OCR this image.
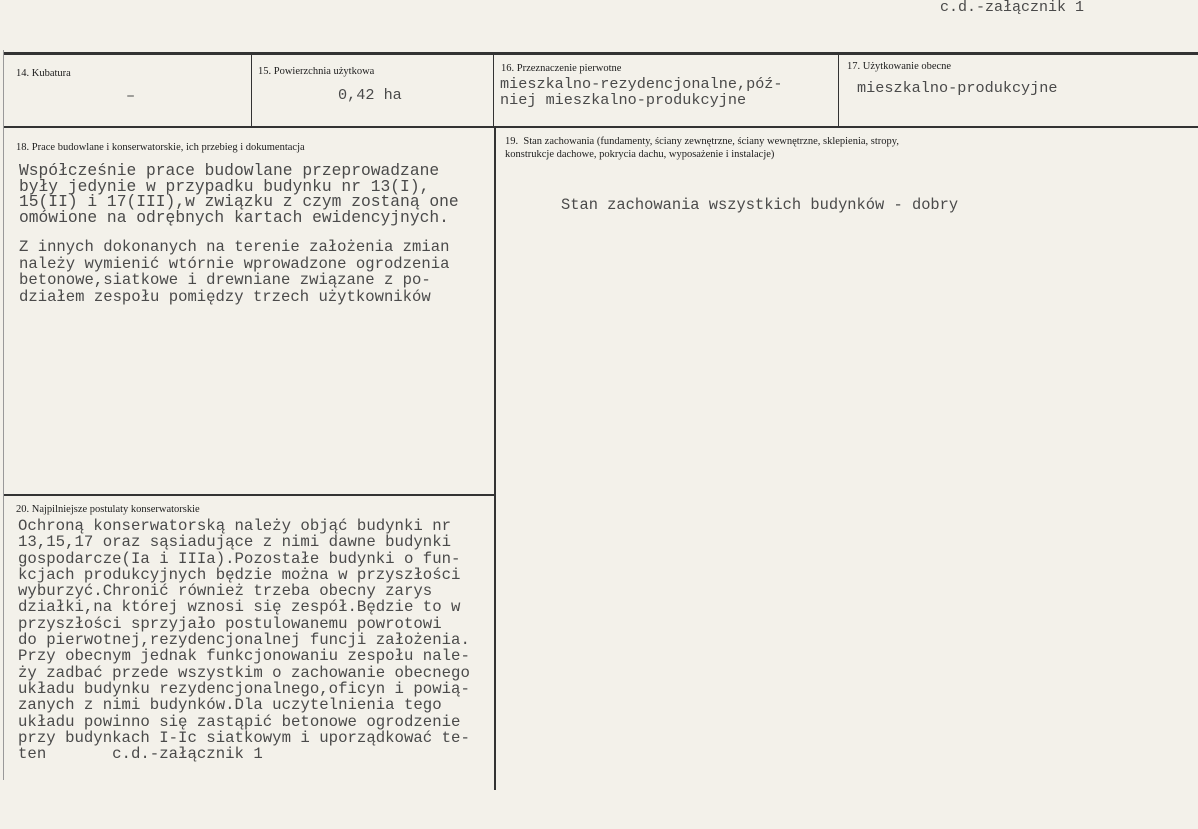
c.d.-załącznik 1
14. Kubatura
–
15. Powierzchnia użytkowa
0,42 ha
16. Przeznaczenie pierwotne
mieszkalno-rezydencjonalne,póź-
niej mieszkalno-produkcyjne
17. Użytkowanie obecne
mieszkalno-produkcyjne
18. Prace budowlane i konserwatorskie, ich przebieg i dokumentacja
Współcześnie prace budowlane przeprowadzane
były jedynie w przypadku budynku nr 13(I),
15(II) i 17(III),w związku z czym zostaną one
omówione na odrębnych kartach ewidencyjnych.
Z innych dokonanych na terenie założenia zmian
należy wymienić wtórnie wprowadzone ogrodzenia
betonowe,siatkowe i drewniane związane z po-
działem zespołu pomiędzy trzech użytkowników
19.  Stan zachowania (fundamenty, ściany zewnętrzne, ściany wewnętrzne, sklepienia, stropy,
konstrukcje dachowe, pokrycia dachu, wyposażenie i instalacje)
Stan zachowania wszystkich budynków - dobry
20. Najpilniejsze postulaty konserwatorskie
Ochroną konserwatorską należy objąć budynki nr
13,15,17 oraz sąsiadujące z nimi dawne budynki
gospodarcze(Ia i IIIa).Pozostałe budynki o fun-
kcjach produkcyjnych będzie można w przyszłości
wyburzyć.Chronić również trzeba obecny zarys
działki,na której wznosi się zespół.Będzie to w
przyszłości sprzyjało postulowanemu powrotowi
do pierwotnej,rezydencjonalnej funcji założenia.
Przy obecnym jednak funkcjonowaniu zespołu nale-
ży zadbać przede wszystkim o zachowanie obecnego
układu budynku rezydencjonalnego,oficyn i powią-
zanych z nimi budynków.Dla uczytelnienia tego
układu powinno się zastąpić betonowe ogrodzenie
przy budynkach I-Ic siatkowym i uporządkować te-
ten       c.d.-załącznik 1
